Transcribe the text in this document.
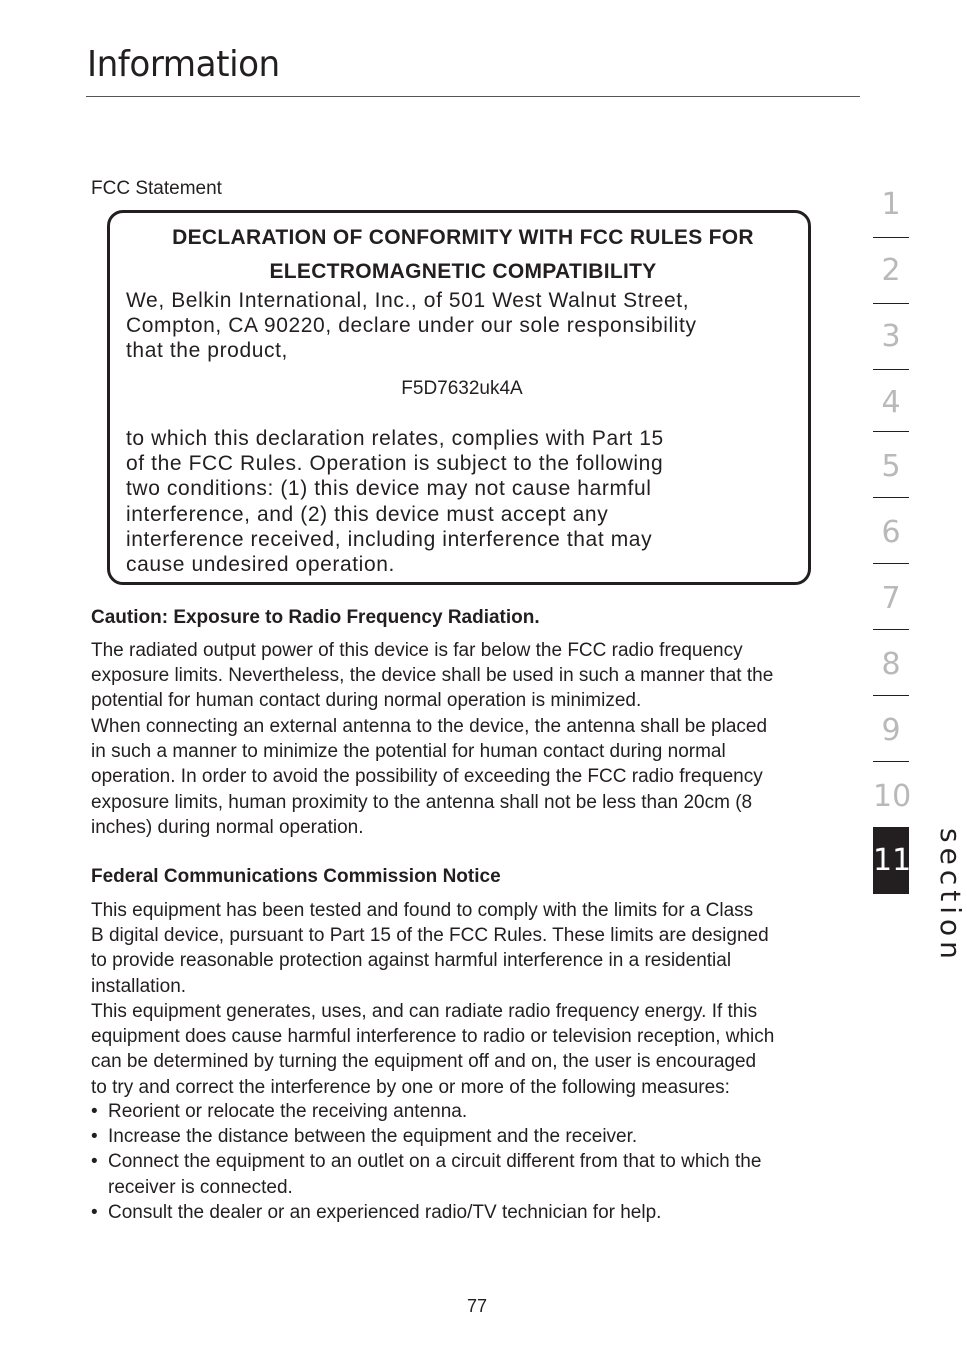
Information
FCC Statement
DECLARATION OF CONFORMITY WITH FCC RULES FOR
ELECTROMAGNETIC COMPATIBILITY
We, Belkin International, Inc., of 501 West Walnut Street,
Compton, CA 90220, declare under our sole responsibility
that the product,
F5D7632uk4A
to which this declaration relates, complies with Part 15
of the FCC Rules. Operation is subject to the following
two conditions: (1) this device may not cause harmful
interference, and (2) this device must accept any
interference received, including interference that may
cause undesired operation.
Caution: Exposure to Radio Frequency Radiation.
The radiated output power of this device is far below the FCC radio frequency
exposure limits. Nevertheless, the device shall be used in such a manner that the
potential for human contact during normal operation is minimized.
When connecting an external antenna to the device, the antenna shall be placed
in such a manner to minimize the potential for human contact during normal
operation. In order to avoid the possibility of exceeding the FCC radio frequency
exposure limits, human proximity to the antenna shall not be less than 20cm (8
inches) during normal operation.
Federal Communications Commission Notice
This equipment has been tested and found to comply with the limits for a Class
B digital device, pursuant to Part 15 of the FCC Rules. These limits are designed
to provide reasonable protection against harmful interference in a residential
installation.
This equipment generates, uses, and can radiate radio frequency energy. If this
equipment does cause harmful interference to radio or television reception, which
can be determined by turning the equipment off and on, the user is encouraged
to try and correct the interference by one or more of the following measures:
• Reorient or relocate the receiving antenna.
• Increase the distance between the equipment and the receiver.
• Connect the equipment to an outlet on a circuit different from that to which the
receiver is connected.
• Consult the dealer or an experienced radio/TV technician for help.
77
1
2
3
4
5
6
7
8
9
10
11 section
